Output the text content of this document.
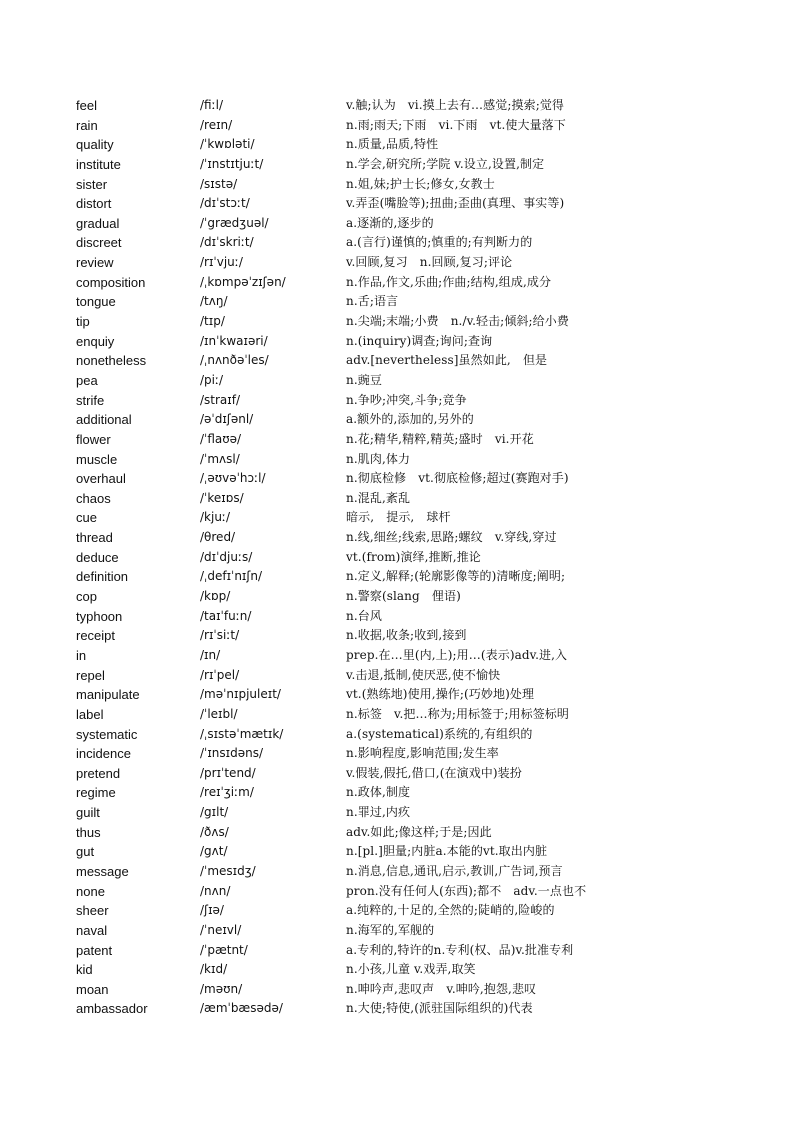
feel	/fiːl/	v.触;认为　vi.摸上去有…感觉;摸索;觉得
rain	/reɪn/	n.雨;雨天;下雨　vi.下雨　vt.使大量落下
quality	/ˈkwɒləti/	n.质量,品质,特性
institute	/ˈɪnstɪtjuːt/	n.学会,研究所;学院 v.设立,设置,制定
sister	/sɪstə/	n.姐,妹;护士长;修女,女教士
distort	/dɪˈstɔːt/	v.弄歪(嘴脸等);扭曲;歪曲(真理、事实等)
gradual	/ˈgrædʒuəl/	a.逐渐的,逐步的
discreet	/dɪˈskriːt/	a.(言行)谨慎的;慎重的;有判断力的
review	/rɪˈvjuː/	v.回顾,复习　n.回顾,复习;评论
composition	/ˌkɒmpəˈzɪʃən/	n.作品,作文,乐曲;作曲;结构,组成,成分
tongue	/tʌŋ/	n.舌;语言
tip	/tɪp/	n.尖端;末端;小费　n./v.轻击;倾斜;给小费
enquiy	/ɪnˈkwaɪəri/	n.(inquiry)调查;询问;查询
nonetheless	/ˌnʌnðəˈles/	adv.[nevertheless]虽然如此,　但是
pea	/piː/	n.豌豆
strife	/straɪf/	n.争吵;冲突,斗争;竞争
additional	/əˈdɪʃənl/	a.额外的,添加的,另外的
flower	/ˈflaʊə/	n.花;精华,精粹,精英;盛时　vi.开花
muscle	/ˈmʌsl/	n.肌肉,体力
overhaul	/ˌəʊvəˈhɔːl/	n.彻底检修　vt.彻底检修;超过(赛跑对手)
chaos	/ˈkeɪɒs/	n.混乱,紊乱
cue	/kjuː/	暗示,　提示,　球杆
thread	/θred/	n.线,细丝;线索,思路;螺纹　v.穿线,穿过
deduce	/dɪˈdjuːs/	vt.(from)演绎,推断,推论
definition	/ˌdefɪˈnɪʃn/	n.定义,解释;(轮廓影像等的)清晰度;阐明;
cop	/kɒp/	n.警察(slang　俚语)
typhoon	/taɪˈfuːn/	n.台风
receipt	/rɪˈsiːt/	n.收据,收条;收到,接到
in	/ɪn/	prep.在…里(内,上);用…(表示)adv.进,入
repel	/rɪˈpel/	v.击退,抵制,使厌恶,使不愉快
manipulate	/məˈnɪpjuleɪt/	vt.(熟练地)使用,操作;(巧妙地)处理
label	/ˈleɪbl/	n.标签　v.把…称为;用标签于;用标签标明
systematic	/ˌsɪstəˈmætɪk/	a.(systematical)系统的,有组织的
incidence	/ˈɪnsɪdəns/	n.影响程度,影响范围;发生率
pretend	/prɪˈtend/	v.假装,假托,借口,(在演戏中)装扮
regime	/reɪˈʒiːm/	n.政体,制度
guilt	/gɪlt/	n.罪过,内疚
thus	/ðʌs/	adv.如此;像这样;于是;因此
gut	/gʌt/	n.[pl.]胆量;内脏a.本能的vt.取出内脏
message	/ˈmesɪdʒ/	n.消息,信息,通讯,启示,教训,广告词,预言
none	/nʌn/	pron.没有任何人(东西);都不　adv.一点也不
sheer	/ʃɪə/	a.纯粹的,十足的,全然的;陡峭的,险峻的
naval	/ˈneɪvl/	n.海军的,军舰的
patent	/ˈpætnt/	a.专利的,特许的n.专利(权、品)v.批准专利
kid	/kɪd/	n.小孩,儿童 v.戏弄,取笑
moan	/məʊn/	n.呻吟声,悲叹声　v.呻吟,抱怨,悲叹
ambassador	/æmˈbæsədə/	n.大使;特使,(派驻国际组织的)代表
